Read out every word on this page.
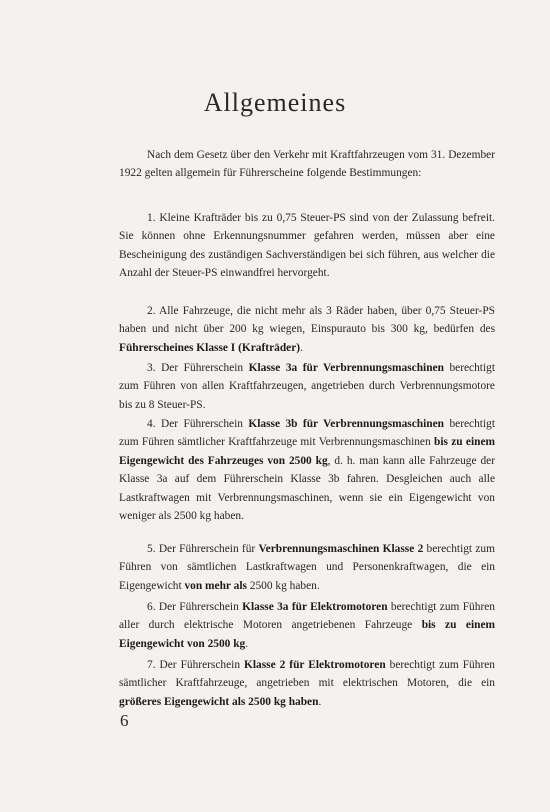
Allgemeines
Nach dem Gesetz über den Verkehr mit Kraftfahrzeugen vom 31. Dezember 1922 gelten allgemein für Führerscheine folgende Bestimmungen:
1. Kleine Krafträder bis zu 0,75 Steuer-PS sind von der Zulassung befreit. Sie können ohne Erkennungsnummer gefahren werden, müssen aber eine Bescheinigung des zuständigen Sachverständigen bei sich führen, aus welcher die Anzahl der Steuer-PS einwandfrei hervorgeht.
2. Alle Fahrzeuge, die nicht mehr als 3 Räder haben, über 0,75 Steuer-PS haben und nicht über 200 kg wiegen, Einspurauto bis 300 kg, bedürfen des Führerscheines Klasse I (Krafträder).
3. Der Führerschein Klasse 3a für Verbrennungsmaschinen berechtigt zum Führen von allen Kraftfahrzeugen, angetrieben durch Verbrennungsmotore bis zu 8 Steuer-PS.
4. Der Führerschein Klasse 3b für Verbrennungsmaschinen berechtigt zum Führen sämtlicher Kraftfahrzeuge mit Verbrennungsmaschinen bis zu einem Eigengewicht des Fahrzeuges von 2500 kg, d. h. man kann alle Fahrzeuge der Klasse 3a auf dem Führerschein Klasse 3b fahren. Desgleichen auch alle Lastkraftwagen mit Verbrennungsmaschinen, wenn sie ein Eigengewicht von weniger als 2500 kg haben.
5. Der Führerschein für Verbrennungsmaschinen Klasse 2 berechtigt zum Führen von sämtlichen Lastkraftwagen und Personenkraftwagen, die ein Eigengewicht von mehr als 2500 kg haben.
6. Der Führerschein Klasse 3a für Elektromotoren berechtigt zum Führen aller durch elektrische Motoren angetriebenen Fahrzeuge bis zu einem Eigengewicht von 2500 kg.
7. Der Führerschein Klasse 2 für Elektromotoren berechtigt zum Führen sämtlicher Kraftfahrzeuge, angetrieben mit elektrischen Motoren, die ein größeres Eigengewicht als 2500 kg haben.
6
